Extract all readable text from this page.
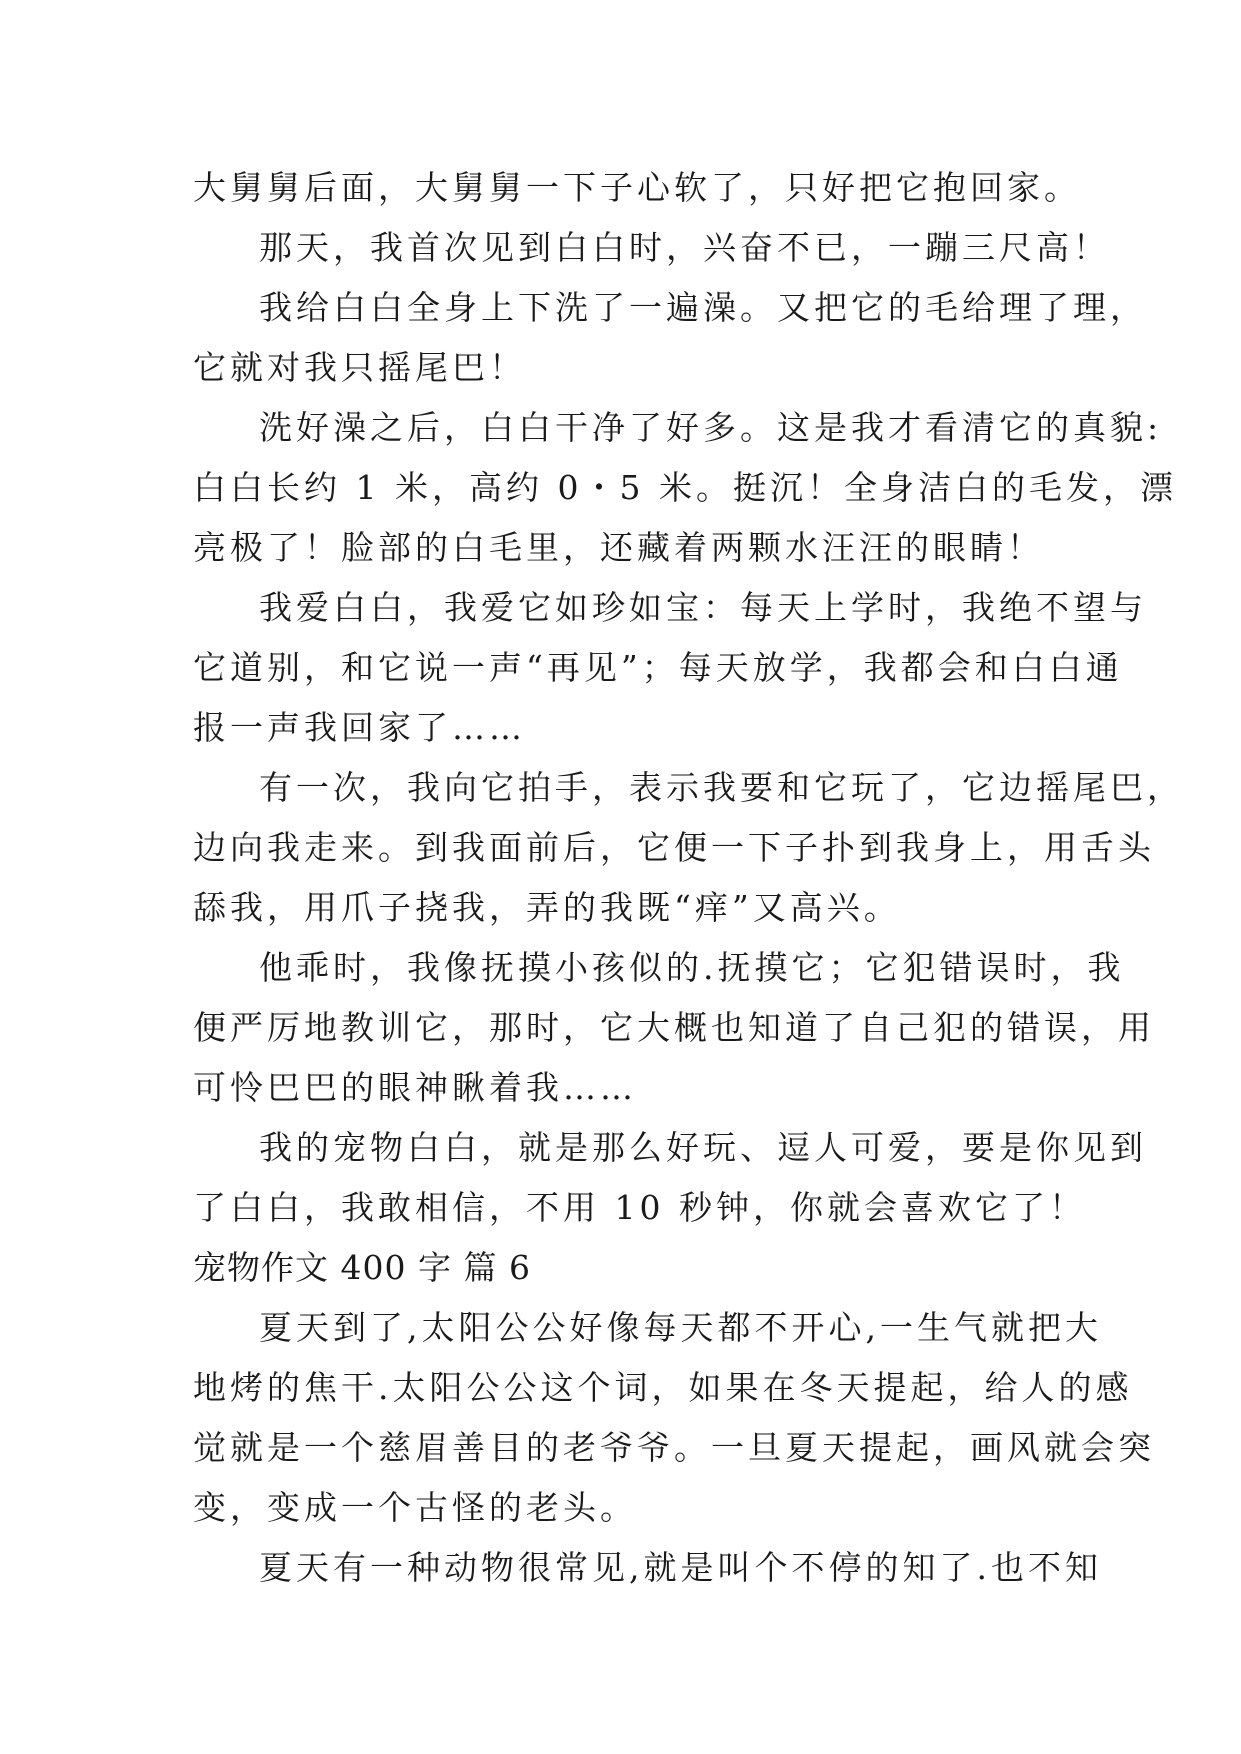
大舅舅后面，大舅舅一下子心软了，只好把它抱回家。
那天，我首次见到白白时，兴奋不已，一蹦三尺高！
我给白白全身上下洗了一遍澡。又把它的毛给理了理，
它就对我只摇尾巴！
洗好澡之后，白白干净了好多。这是我才看清它的真貌:
白白长约 1 米，高约 0・5 米。挺沉！全身洁白的毛发，漂
亮极了！脸部的白毛里，还藏着两颗水汪汪的眼睛！
我爱白白，我爱它如珍如宝：每天上学时，我绝不望与
它道别，和它说一声“再见”；每天放学，我都会和白白通
报一声我回家了……
有一次，我向它拍手，表示我要和它玩了，它边摇尾巴，
边向我走来。到我面前后，它便一下子扑到我身上，用舌头
舔我，用爪子挠我，弄的我既“痒”又高兴。
他乖时，我像抚摸小孩似的.抚摸它；它犯错误时，我
便严厉地教训它，那时，它大概也知道了自己犯的错误，用
可怜巴巴的眼神瞅着我……
我的宠物白白，就是那么好玩、逗人可爱，要是你见到
了白白，我敢相信，不用 10 秒钟，你就会喜欢它了！
宠物作文 400 字 篇 6
夏天到了,太阳公公好像每天都不开心,一生气就把大
地烤的焦干.太阳公公这个词，如果在冬天提起，给人的感
觉就是一个慈眉善目的老爷爷。一旦夏天提起，画风就会突
变，变成一个古怪的老头。
夏天有一种动物很常见,就是叫个不停的知了.也不知
